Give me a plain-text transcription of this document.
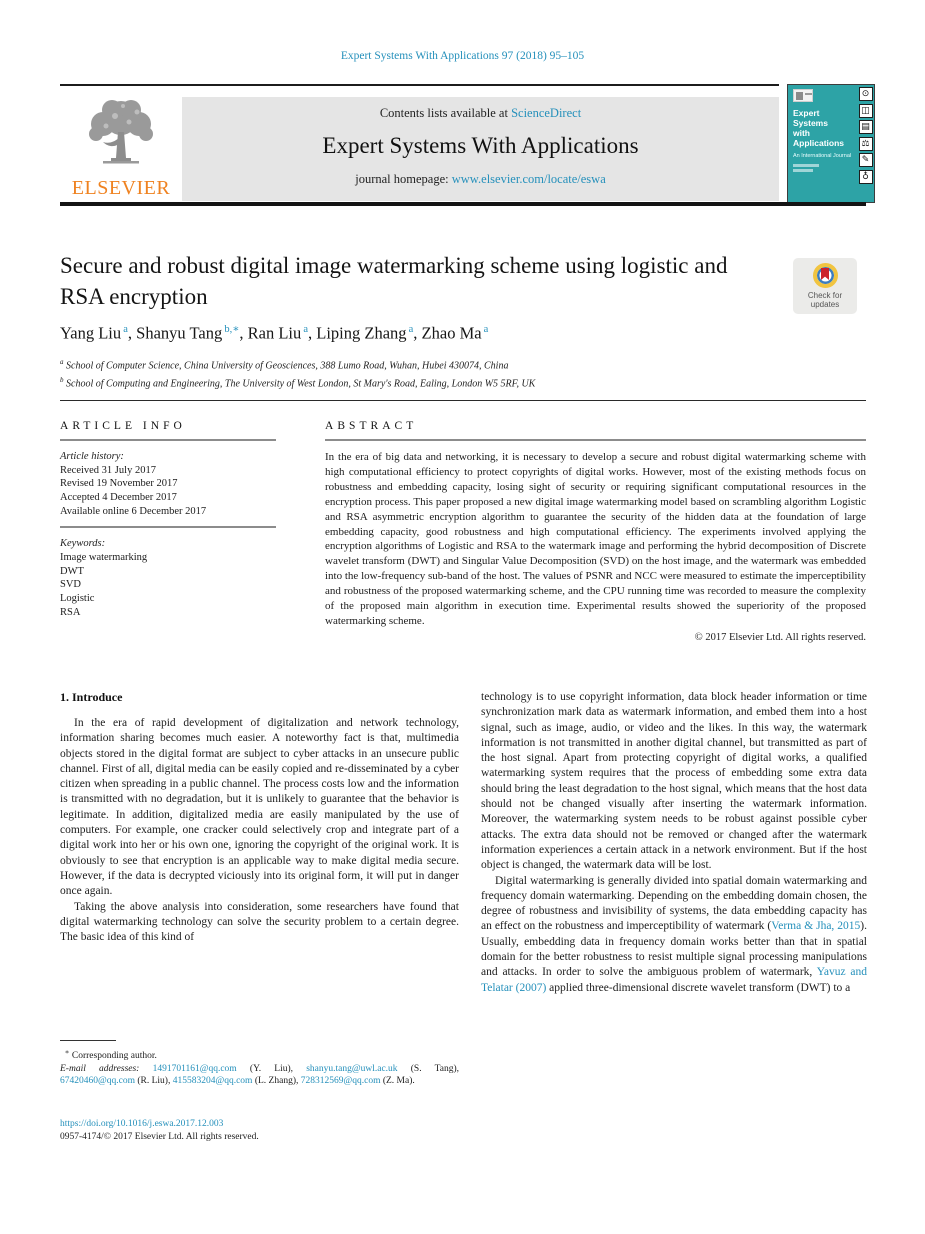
Expert Systems With Applications 97 (2018) 95–105
ELSEVIER
Contents lists available at ScienceDirect
Expert Systems With Applications
journal homepage: www.elsevier.com/locate/eswa
Expert
Systems
with
Applications
An International Journal
⊙
◫
▤
⚖
✎
♁
Secure and robust digital image watermarking scheme using logistic and RSA encryption	Check for
updates
Yang Liu $^a$, Shanyu Tang $^{b,∗}$, Ran Liu $^a$, Liping Zhang $^a$, Zhao Ma $^a$
$^a$ School of Computer Science, China University of Geosciences, 388 Lumo Road, Wuhan, Hubei 430074, China
$^b$ School of Computing and Engineering, The University of West London, St Mary's Road, Ealing, London W5 5RF, UK
ARTICLE INFO
Article history:
Received 31 July 2017
Revised 19 November 2017
Accepted 4 December 2017
Available online 6 December 2017
Keywords:
Image watermarking
DWT
SVD
Logistic
RSA
ABSTRACT
In the era of big data and networking, it is necessary to develop a secure and robust digital watermarking scheme with high computational efficiency to protect copyrights of digital works. However, most of the existing methods focus on robustness and embedding capacity, losing sight of security or requiring significant computational resources in the encryption process. This paper proposed a new digital image watermarking model based on scrambling algorithm Logistic and RSA asymmetric encryption algorithm to guarantee the security of the hidden data at the foundation of large embedding capacity, good robustness and high computational efficiency. The experiments involved applying the encryption algorithms of Logistic and RSA to the watermark image and performing the hybrid decomposition of Discrete wavelet transform (DWT) and Singular Value Decomposition (SVD) on the host image, and the watermark was embedded into the low-frequency sub-band of the host. The values of PSNR and NCC were measured to estimate the imperceptibility and robustness of the proposed watermarking scheme, and the CPU running time was recorded to measure the complexity of the proposed main algorithm in execution time. Experimental results showed the superiority of the proposed watermarking scheme.
© 2017 Elsevier Ltd. All rights reserved.
1. Introduce

In the era of rapid development of digitalization and network technology, information sharing becomes much easier. A noteworthy fact is that, multimedia objects stored in the digital format are subject to cyber attacks in an unsecure public channel. First of all, digital media can be easily copied and re-disseminated by a cyber citizen when spreading in a public channel. The process costs low and the information is transmitted with no degradation, but it is unlikely to guarantee that the behavior is legitimate. In addition, digitalized media are easily manipulated by the use of computers. For example, one cracker could selectively crop and integrate part of a digital work into her or his own one, ignoring the copyright of the original work. It is obviously to see that encryption is an applicable way to make digital media secure. However, if the data is decrypted viciously into its original form, it will put in danger once again.

Taking the above analysis into consideration, some researchers have found that digital watermarking technology can solve the security problem to a certain degree. The basic idea of this kind of

technology is to use copyright information, data block header information or time synchronization mark data as watermark information, and embed them into a host signal, such as image, audio, or video and the likes. In this way, the watermark information is not transmitted in another digital channel, but transmitted as part of the host signal. Apart from protecting copyright of digital works, a qualified watermarking system requires that the process of embedding some extra data should bring the least degradation to the host signal, which means that the host data should not be changed visually after inserting the watermark information. Moreover, the watermarking system needs to be robust against possible cyber attacks. The extra data should not be removed or changed after the watermark information experiences a certain attack in a network environment. But if the host object is changed, the watermark data will be lost.

Digital watermarking is generally divided into spatial domain watermarking and frequency domain watermarking. Depending on the embedding domain chosen, the degree of robustness and invisibility of systems, the data embedding capacity has an effect on the robustness and imperceptibility of watermark (Verma & Jha, 2015). Usually, embedding data in frequency domain works better than that in spatial domain for the better robustness to resist multiple signal processing manipulations and attacks. In order to solve the ambiguous problem of watermark, Yavuz and Telatar (2007) applied three-dimensional discrete wavelet transform (DWT) to a

∗ Corresponding author.
E-mail addresses: 1491701161@qq.com (Y. Liu), shanyu.tang@uwl.ac.uk (S. Tang), 67420460@qq.com (R. Liu), 415583204@qq.com (L. Zhang), 728312569@qq.com (Z. Ma).
https://doi.org/10.1016/j.eswa.2017.12.003
0957-4174/© 2017 Elsevier Ltd. All rights reserved.
